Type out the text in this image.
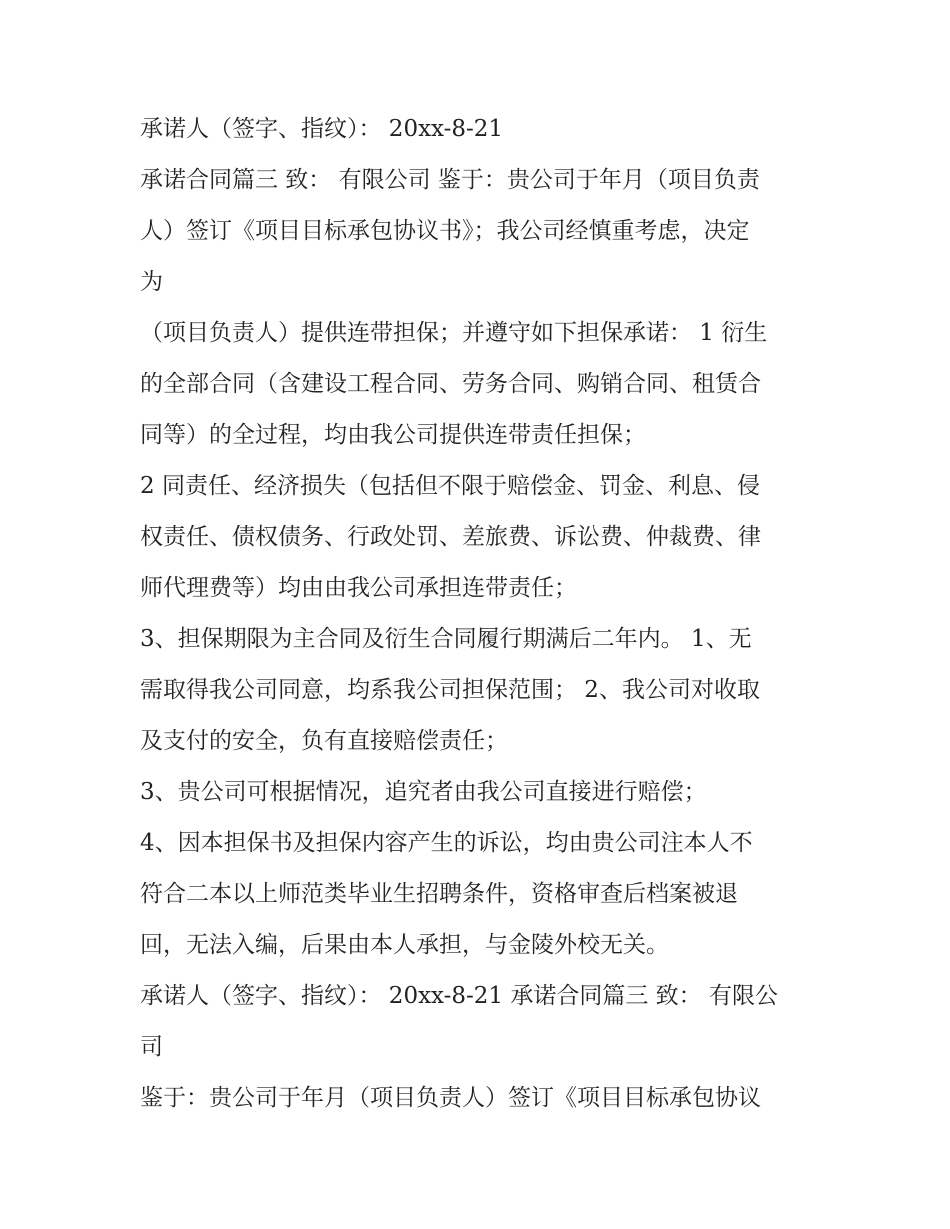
承诺人（签字、指纹）： 20xx-8-21
承诺合同篇三 致： 有限公司 鉴于：贵公司于年月（项目负责
人）签订《项目目标承包协议书》；我公司经慎重考虑，决定
为
（项目负责人）提供连带担保；并遵守如下担保承诺： 1 衍生
的全部合同（含建设工程合同、劳务合同、购销合同、租赁合
同等）的全过程，均由我公司提供连带责任担保；
2 同责任、经济损失（包括但不限于赔偿金、罚金、利息、侵
权责任、债权债务、行政处罚、差旅费、诉讼费、仲裁费、律
师代理费等）均由由我公司承担连带责任；
3、担保期限为主合同及衍生合同履行期满后二年内。 1、无
需取得我公司同意，均系我公司担保范围； 2、我公司对收取
及支付的安全，负有直接赔偿责任；
3、贵公司可根据情况，追究者由我公司直接进行赔偿；
4、因本担保书及担保内容产生的诉讼，均由贵公司注本人不
符合二本以上师范类毕业生招聘条件，资格审查后档案被退
回，无法入编，后果由本人承担，与金陵外校无关。
承诺人（签字、指纹）： 20xx-8-21 承诺合同篇三 致： 有限公
司
鉴于：贵公司于年月（项目负责人）签订《项目目标承包协议
